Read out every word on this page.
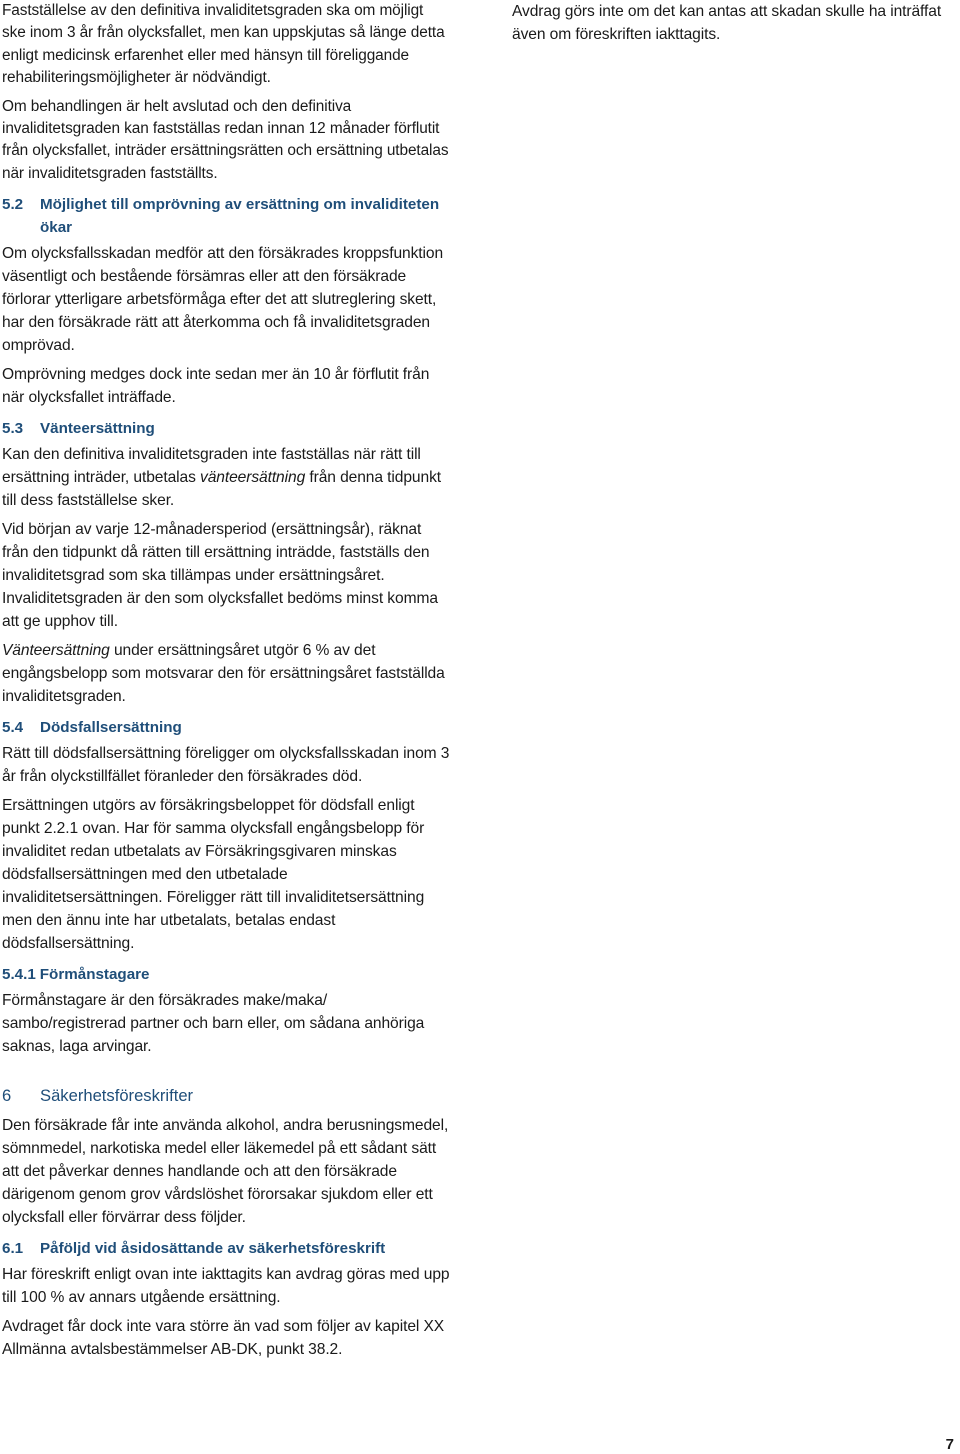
Fastställelse av den definitiva invaliditetsgraden ska om möjligt ske inom 3 år från olycksfallet, men kan uppskjutas så länge detta enligt medicinsk erfarenhet eller med hänsyn till föreliggande rehabiliteringsmöjligheter är nödvändigt.

Om behandlingen är helt avslutad och den definitiva invaliditetsgraden kan fastställas redan innan 12 månader förflutit från olycksfallet, inträder ersättningsrätten och ersättning utbetalas när invaliditetsgraden fastställts.

5.2	Möjlighet till omprövning av ersättning om invaliditeten ökar

Om olycksfallsskadan medför att den försäkrades kroppsfunktion väsentligt och bestående försämras eller att den försäkrade förlorar ytterligare arbetsförmåga efter det att slutreglering skett, har den försäkrade rätt att återkomma och få invaliditetsgraden omprövad.

Omprövning medges dock inte sedan mer än 10 år förflutit från när olycksfallet inträffade.

5.3	Vänteersättning

Kan den definitiva invaliditetsgraden inte fastställas när rätt till ersättning inträder, utbetalas vänteersättning från denna tidpunkt till dess fastställelse sker.

Vid början av varje 12-månadersperiod (ersättningsår), räknat från den tidpunkt då rätten till ersättning inträdde, fastställs den invaliditetsgrad som ska tillämpas under ersättningsåret. Invaliditetsgraden är den som olycksfallet bedöms minst komma att ge upphov till.

Vänteersättning under ersättningsåret utgör 6 % av det engångsbelopp som motsvarar den för ersättningsåret fastställda invaliditetsgraden.

5.4	Dödsfallsersättning

Rätt till dödsfallsersättning föreligger om olycksfallsskadan inom 3 år från olyckstillfället föranleder den försäkrades död.

Ersättningen utgörs av försäkringsbeloppet för dödsfall enligt punkt 2.2.1 ovan. Har för samma olycksfall engångsbelopp för invaliditet redan utbetalats av Försäkringsgivaren minskas dödsfallsersättningen med den utbetalade invaliditetsersättningen. Föreligger rätt till invaliditetsersättning men den ännu inte har utbetalats, betalas endast dödsfallsersättning.

5.4.1 Förmånstagare

Förmånstagare är den försäkrades make/maka/ sambo/registrerad partner och barn eller, om sådana anhöriga saknas, laga arvingar.

6	Säkerhetsföreskrifter

Den försäkrade får inte använda alkohol, andra berusningsmedel, sömnmedel, narkotiska medel eller läkemedel på ett sådant sätt att det påverkar dennes handlande och att den försäkrade därigenom genom grov vårdslöshet förorsakar sjukdom eller ett olycksfall eller förvärrar dess följder.

6.1	Påföljd vid åsidosättande av säkerhetsföreskrift

Har föreskrift enligt ovan inte iakttagits kan avdrag göras med upp till 100 % av annars utgående ersättning.

Avdraget får dock inte vara större än vad som följer av kapitel XX Allmänna avtalsbestämmelser AB-DK, punkt 38.2.

Avdrag görs inte om det kan antas att skadan skulle ha inträffat även om föreskriften iakttagits.

7
